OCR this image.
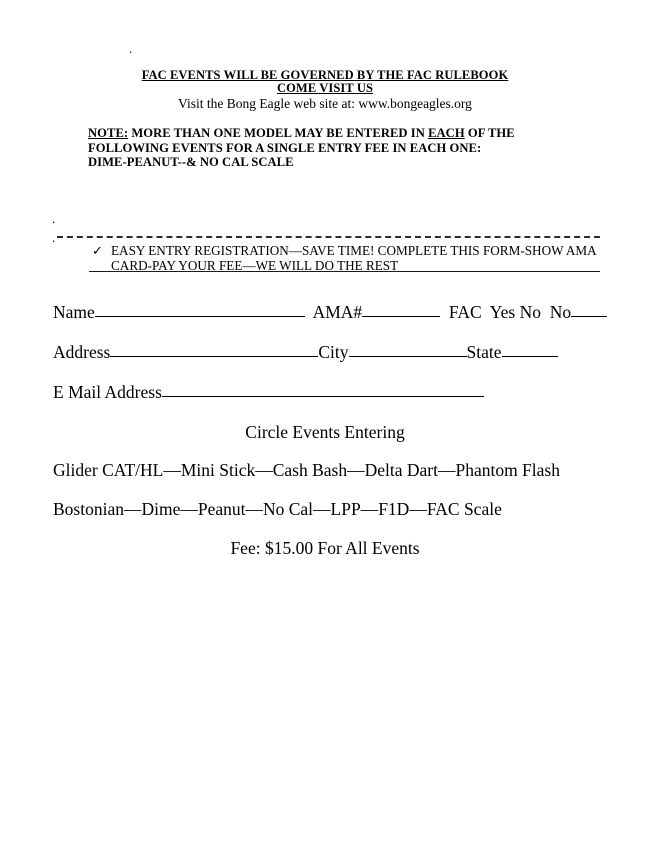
.
.
.
FAC EVENTS WILL BE GOVERNED BY THE FAC RULEBOOK
COME VISIT US
Visit the Bong Eagle web site at: www.bongeagles.org
NOTE: MORE THAN ONE MODEL MAY BE ENTERED IN EACH OF THE
FOLLOWING EVENTS FOR A SINGLE ENTRY FEE IN EACH ONE:
DIME-PEANUT--& NO CAL SCALE
✓ EASY ENTRY REGISTRATION—SAVE TIME! COMPLETE THIS FORM-SHOW AMA
CARD-PAY YOUR FEE—WE WILL DO THE REST
Name	AMA#	FAC  Yes No  No
Address	City	State
E Mail Address
Circle Events Entering
Glider CAT/HL—Mini Stick—Cash Bash—Delta Dart—Phantom Flash
Bostonian—Dime—Peanut—No Cal—LPP—F1D—FAC Scale
Fee: $15.00 For All Events
